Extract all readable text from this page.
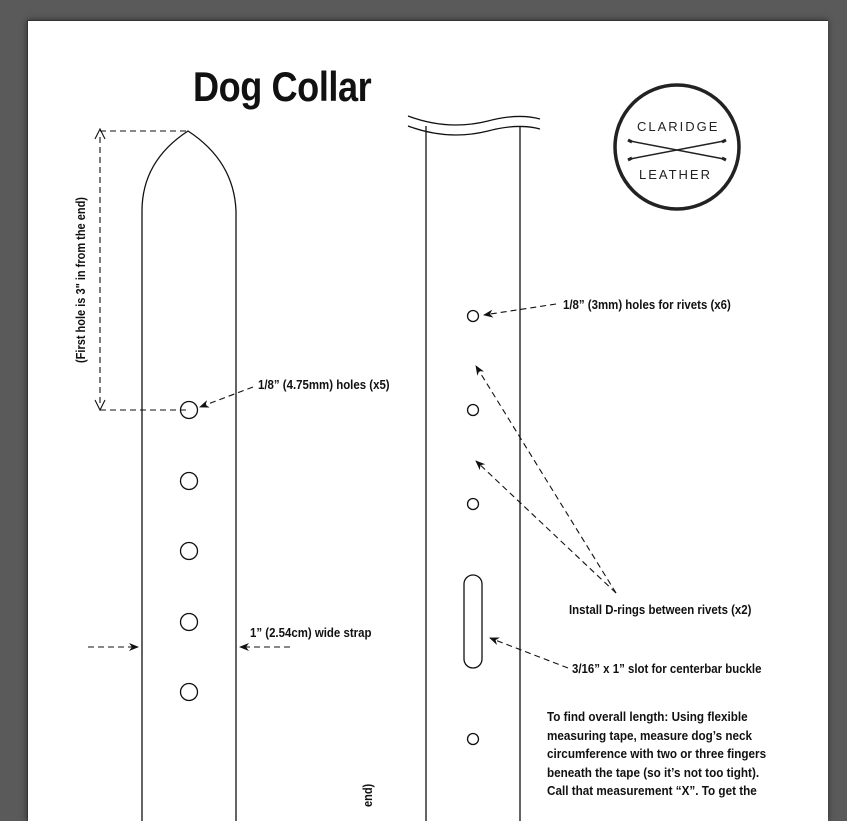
Dog Collar
CLARIDGE
LEATHER
(First hole is 3" in from the end)
1/8” (4.75mm) holes (x5)
1” (2.54cm) wide strap
end)
1/8” (3mm) holes for rivets (x6)
Install D-rings between rivets (x2)
3/16” x 1” slot for centerbar buckle
To find overall length: Using flexible measuring tape, measure dog’s neck circumference with two or three fingers beneath the tape (so it’s not too tight). Call that measurement “X”. To get the
